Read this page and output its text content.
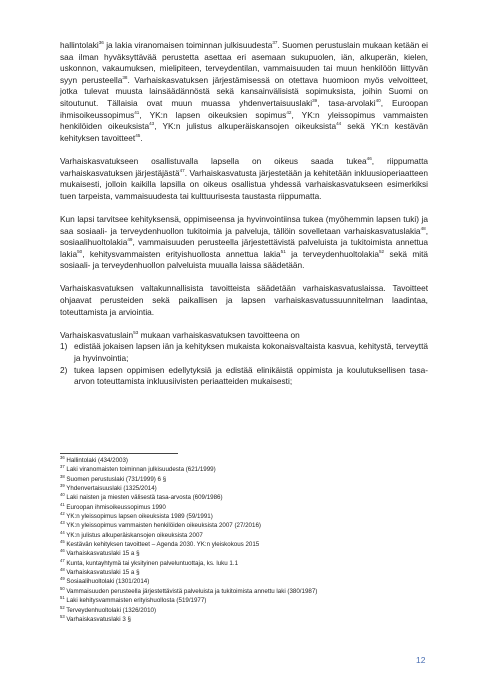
hallintolaki$^{36}$ ja lakia viranomaisen toiminnan julkisuudesta$^{37}$. Suomen perustuslain mukaan ketään ei saa ilman hyväksyttävää perustetta asettaa eri asemaan sukupuolen, iän, alkuperän, kielen, uskonnon, vakaumuksen, mielipiteen, terveydentilan, vammaisuuden tai muun henkilöön liittyvän syyn perusteella$^{38}$. Varhaiskasvatuksen järjestämisessä on otettava huomioon myös velvoitteet, jotka tulevat muusta lainsäädännöstä sekä kansainvälisistä sopimuksista, joihin Suomi on sitoutunut. Tällaisia ovat muun muassa yhdenvertaisuuslaki$^{39}$, tasa-arvolaki$^{40}$, Euroopan ihmisoikeussopimus$^{41}$, YK:n lapsen oikeuksien sopimus$^{42}$, YK:n yleissopimus vammaisten henkilöiden oikeuksista$^{43}$, YK:n julistus alkuperäiskansojen oikeuksista$^{44}$ sekä YK:n kestävän kehityksen tavoitteet$^{45}$.

Varhaiskasvatukseen osallistuvalla lapsella on oikeus saada tukea$^{46}$, riippumatta varhaiskasvatuksen järjestäjästä$^{47}$. Varhaiskasvatusta järjestetään ja kehitetään inkluusioperiaatteen mukaisesti, jolloin kaikilla lapsilla on oikeus osallistua yhdessä varhaiskasvatukseen esimerkiksi tuen tarpeista, vammaisuudesta tai kulttuurisesta taustasta riippumatta.

Kun lapsi tarvitsee kehityksensä, oppimiseensa ja hyvinvointiinsa tukea (myöhemmin lapsen tuki) ja saa sosiaali- ja terveydenhuollon tukitoimia ja palveluja, tällöin sovelletaan varhaiskasvatuslakia$^{48}$, sosiaalihuoltolakia$^{49}$, vammaisuuden perusteella järjestettävistä palveluista ja tukitoimista annettua lakia$^{50}$, kehitysvammaisten erityishuollosta annettua lakia$^{51}$ ja terveydenhuoltolakia$^{52}$ sekä mitä sosiaali- ja terveydenhuollon palveluista muualla laissa säädetään.

Varhaiskasvatuksen valtakunnallisista tavoitteista säädetään varhaiskasvatuslaissa. Tavoitteet ohjaavat perusteiden sekä paikallisen ja lapsen varhaiskasvatussuunnitelman laadintaa, toteuttamista ja arviointia.

Varhaiskasvatuslain$^{53}$ mukaan varhaiskasvatuksen tavoitteena on

1) edistää jokaisen lapsen iän ja kehityksen mukaista kokonaisvaltaista kasvua, kehitystä, terveyttä ja hyvinvointia;
2) tukea lapsen oppimisen edellytyksiä ja edistää elinikäistä oppimista ja koulutuksellisen tasa-arvon toteuttamista inkluusiivisten periaatteiden mukaisesti;
$^{36}$ Hallintolaki (434/2003)
$^{37}$ Laki viranomaisten toiminnan julkisuudesta (621/1999)
$^{38}$ Suomen perustuslaki (731/1999) 6 §
$^{39}$ Yhdenvertaisuuslaki (1325/2014)
$^{40}$ Laki naisten ja miesten välisestä tasa-arvosta (609/1986)
$^{41}$ Euroopan ihmisoikeussopimus 1990
$^{42}$ YK:n yleissopimus lapsen oikeuksista 1989 (59/1991)
$^{43}$ YK:n yleissopimus vammaisten henkilöiden oikeuksista 2007 (27/2016)
$^{44}$ YK:n julistus alkuperäiskansojen oikeuksista 2007
$^{45}$ Kestävän kehityksen tavoitteet – Agenda 2030. YK:n yleiskokous 2015
$^{46}$ Varhaiskasvatuslaki 15 a §
$^{47}$ Kunta, kuntayhtymä tai yksityinen palveluntuottaja, ks. luku 1.1
$^{48}$ Varhaiskasvatuslaki 15 a §
$^{49}$ Sosiaalihuoltolaki (1301/2014)
$^{50}$ Vammaisuuden perusteella järjestettävistä palveluista ja tukitoimista annettu laki (380/1987)
$^{51}$ Laki kehitysvammaisten erityishuollosta (519/1977)
$^{52}$ Terveydenhuoltolaki (1326/2010)
$^{53}$ Varhaiskasvatuslaki 3 §
12
